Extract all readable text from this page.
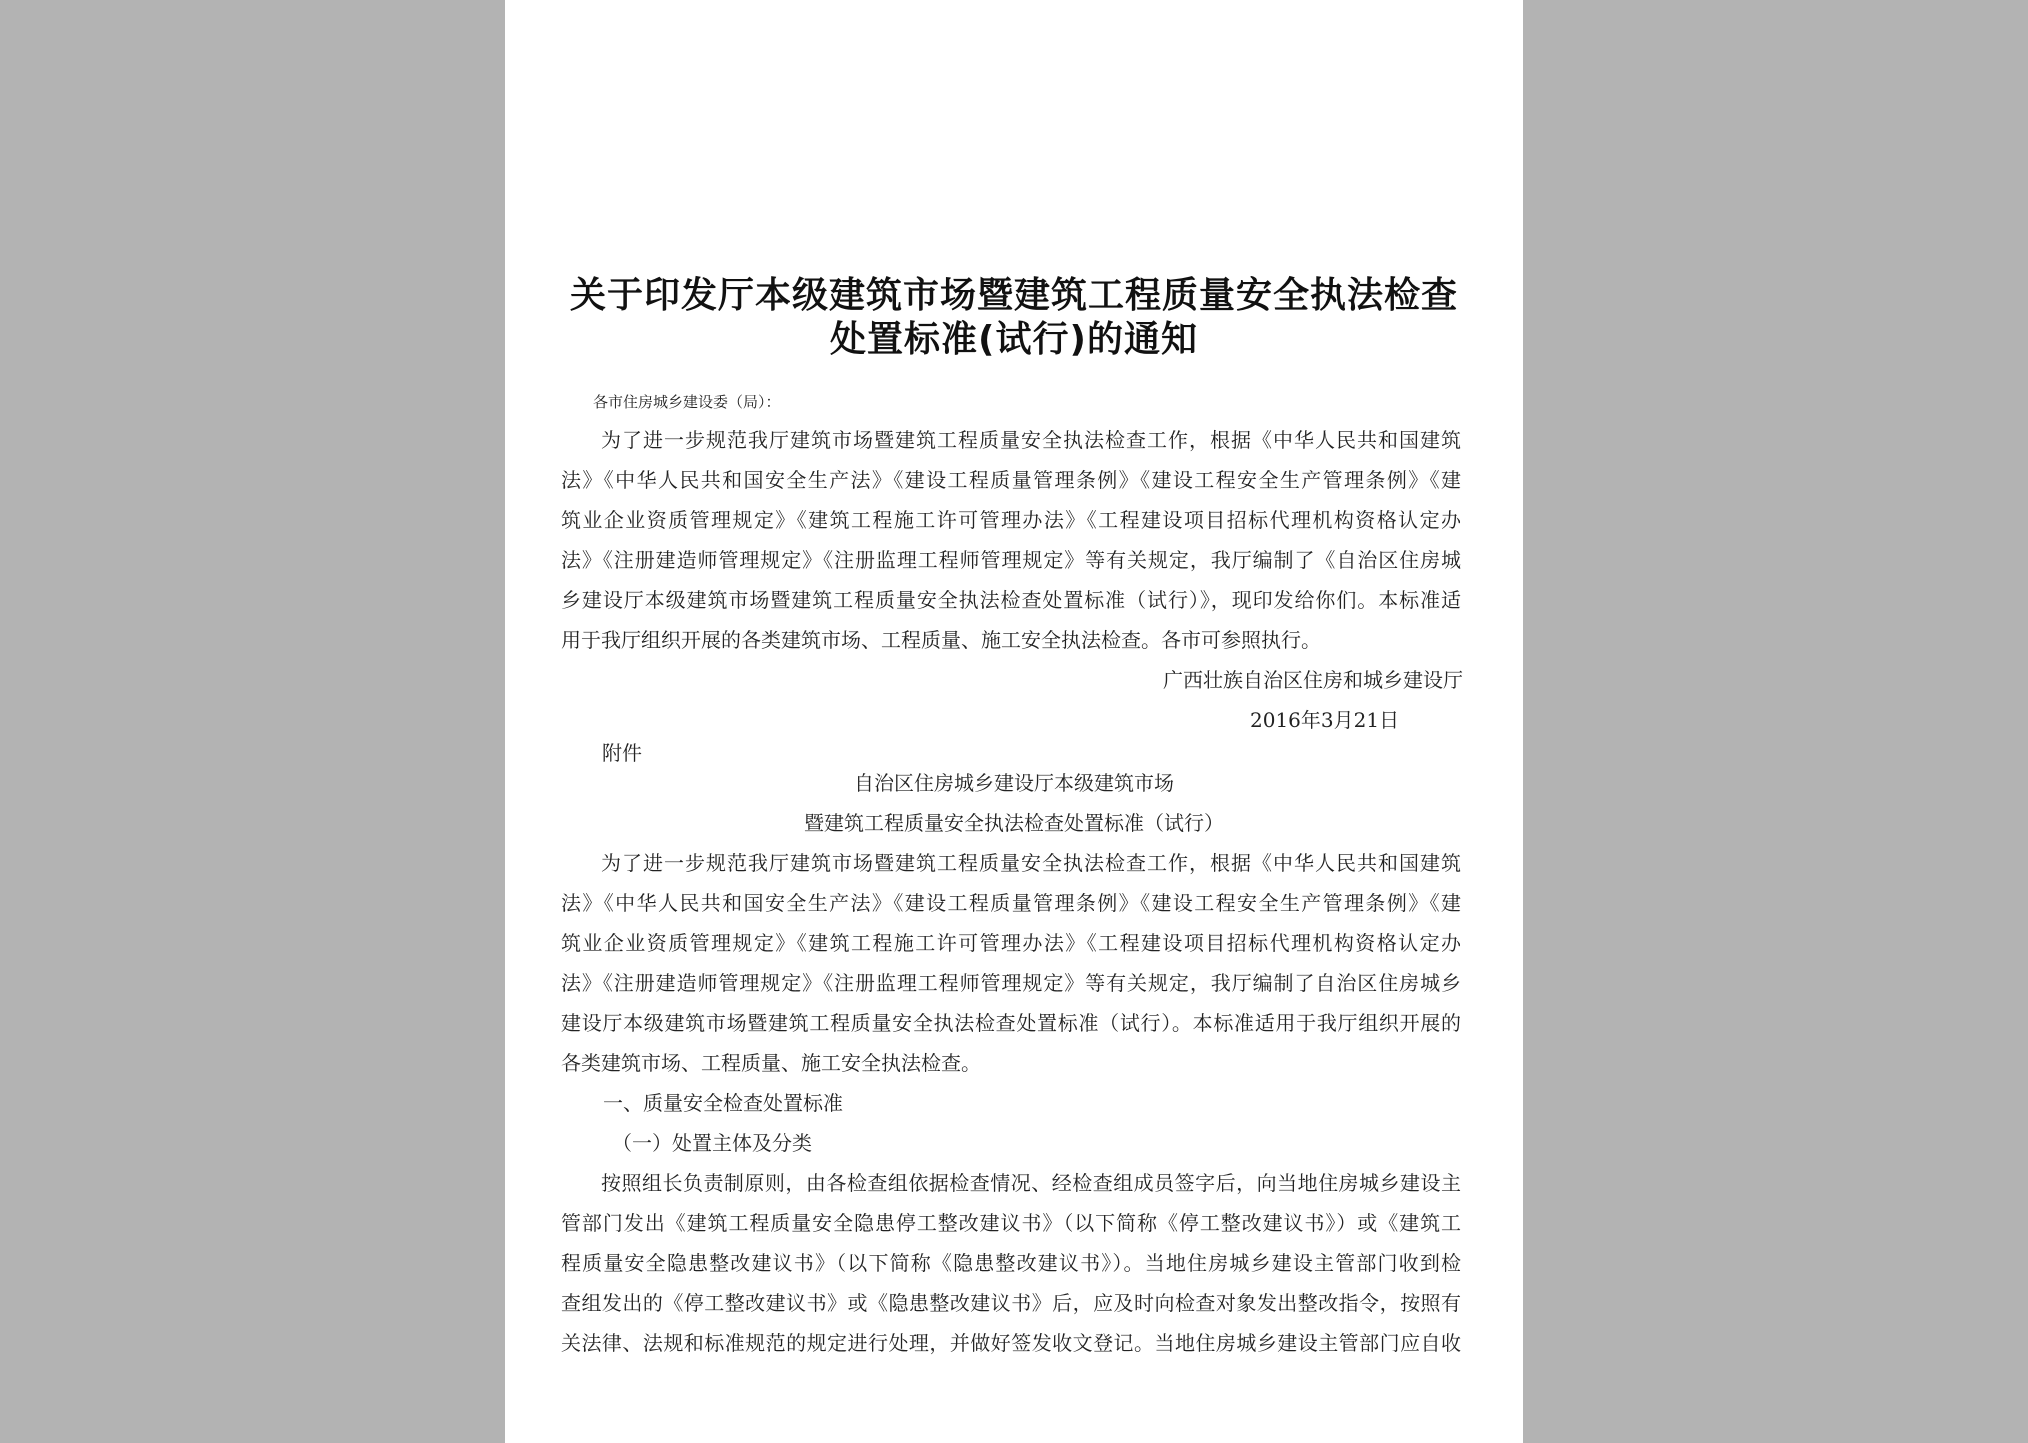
关于印发厅本级建筑市场暨建筑工程质量安全执法检查
处置标准(试行)的通知
各市住房城乡建设委（局）：
为了进一步规范我厅建筑市场暨建筑工程质量安全执法检查工作，根据《中华人民共和国建筑
法》《中华人民共和国安全生产法》《建设工程质量管理条例》《建设工程安全生产管理条例》《建
筑业企业资质管理规定》《建筑工程施工许可管理办法》《工程建设项目招标代理机构资格认定办
法》《注册建造师管理规定》《注册监理工程师管理规定》等有关规定，我厅编制了《自治区住房城
乡建设厅本级建筑市场暨建筑工程质量安全执法检查处置标准（试行）》，现印发给你们。本标准适
用于我厅组织开展的各类建筑市场、工程质量、施工安全执法检查。各市可参照执行。
广西壮族自治区住房和城乡建设厅
2016年3月21日
附件
自治区住房城乡建设厅本级建筑市场
暨建筑工程质量安全执法检查处置标准（试行）
为了进一步规范我厅建筑市场暨建筑工程质量安全执法检查工作，根据《中华人民共和国建筑
法》《中华人民共和国安全生产法》《建设工程质量管理条例》《建设工程安全生产管理条例》《建
筑业企业资质管理规定》《建筑工程施工许可管理办法》《工程建设项目招标代理机构资格认定办
法》《注册建造师管理规定》《注册监理工程师管理规定》等有关规定，我厅编制了自治区住房城乡
建设厅本级建筑市场暨建筑工程质量安全执法检查处置标准（试行）。本标准适用于我厅组织开展的
各类建筑市场、工程质量、施工安全执法检查。
一、质量安全检查处置标准
（一）处置主体及分类
按照组长负责制原则，由各检查组依据检查情况、经检查组成员签字后，向当地住房城乡建设主
管部门发出《建筑工程质量安全隐患停工整改建议书》（以下简称《停工整改建议书》）或《建筑工
程质量安全隐患整改建议书》（以下简称《隐患整改建议书》）。当地住房城乡建设主管部门收到检
查组发出的《停工整改建议书》或《隐患整改建议书》后，应及时向检查对象发出整改指令，按照有
关法律、法规和标准规范的规定进行处理，并做好签发收文登记。当地住房城乡建设主管部门应自收
